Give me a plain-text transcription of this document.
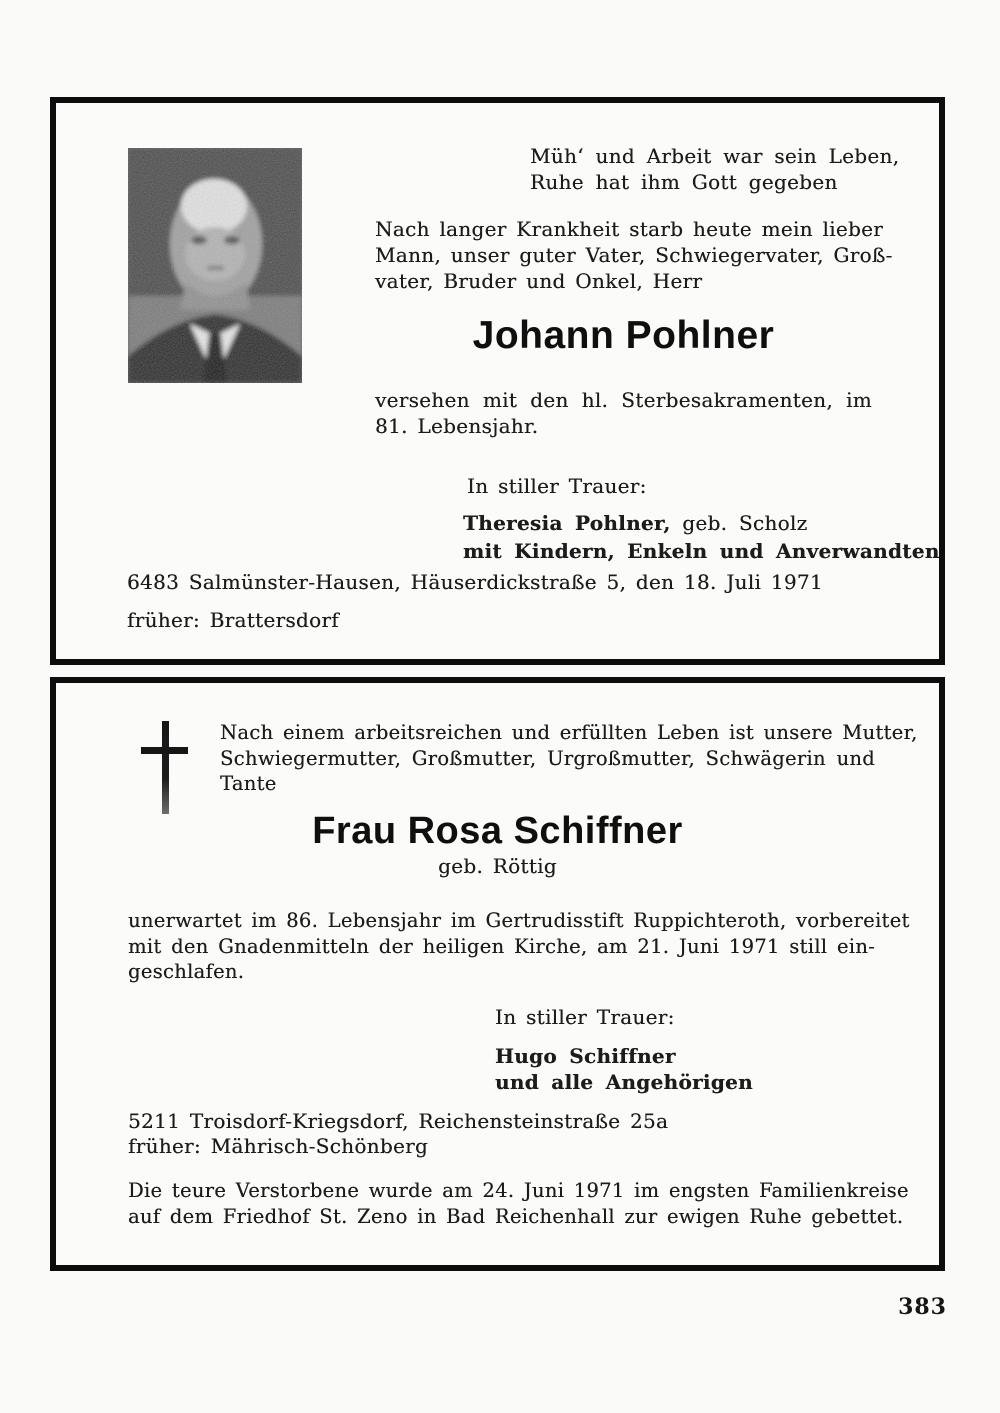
Müh‘ und Arbeit war sein Leben,
Ruhe hat ihm Gott gegeben
Nach langer Krankheit starb heute mein lieber
Mann, unser guter Vater, Schwiegervater, Groß-
vater, Bruder und Onkel, Herr
Johann Pohlner
versehen mit den hl. Sterbesakramenten, im
81. Lebensjahr.
In stiller Trauer:
Theresia Pohlner, geb. Scholz
mit Kindern, Enkeln und Anverwandten
6483 Salmünster-Hausen, Häuserdickstraße 5, den 18. Juli 1971
früher: Brattersdorf
Nach einem arbeitsreichen und erfüllten Leben ist unsere Mutter,
Schwiegermutter, Großmutter, Urgroßmutter, Schwägerin und
Tante
Frau Rosa Schiffner
geb. Röttig
unerwartet im 86. Lebensjahr im Gertrudisstift Ruppichteroth, vorbereitet
mit den Gnadenmitteln der heiligen Kirche, am 21. Juni 1971 still ein-
geschlafen.
In stiller Trauer:
Hugo Schiffner
und alle Angehörigen
5211 Troisdorf-Kriegsdorf, Reichensteinstraße 25a
früher: Mährisch-Schönberg
Die teure Verstorbene wurde am 24. Juni 1971 im engsten Familienkreise
auf dem Friedhof St. Zeno in Bad Reichenhall zur ewigen Ruhe gebettet.
383
